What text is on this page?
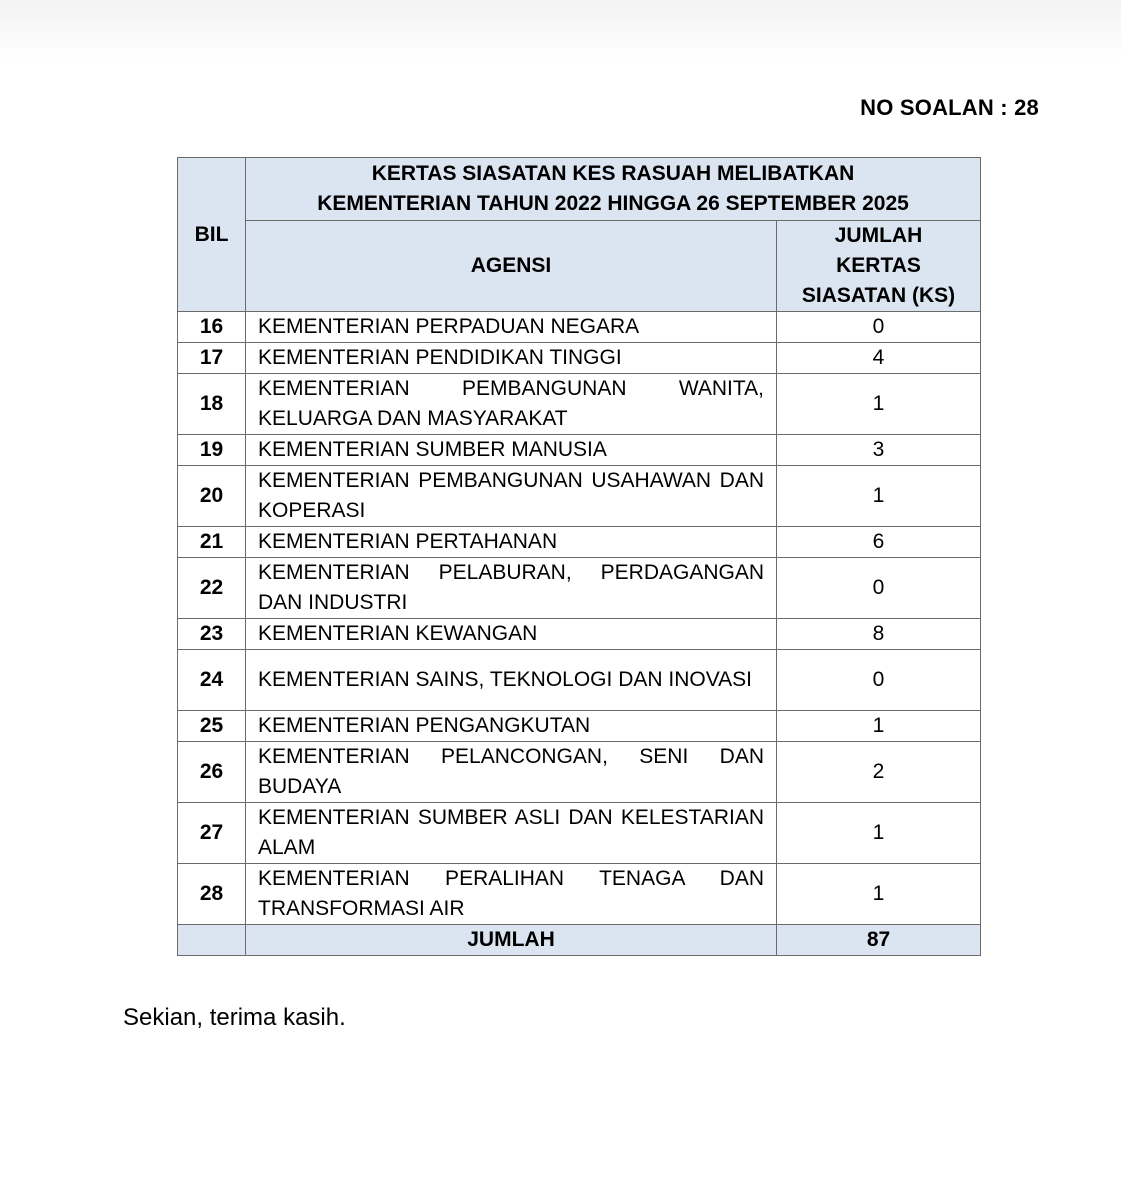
NO SOALAN : 28
BIL	KERTAS SIASATAN KES RASUAH MELIBATKAN
KEMENTERIAN TAHUN 2022 HINGGA 26 SEPTEMBER 2025	

	AGENSI	JUMLAH
KERTAS
SIASATAN (KS)

16	KEMENTERIAN PERPADUAN NEGARA	0
17	KEMENTERIAN PENDIDIKAN TINGGI	4
18	KEMENTERIAN PEMBANGUNAN WANITA, KELUARGA DAN MASYARAKAT	1
19	KEMENTERIAN SUMBER MANUSIA	3
20	KEMENTERIAN PEMBANGUNAN USAHAWAN DAN KOPERASI	1
21	KEMENTERIAN PERTAHANAN	6
22	KEMENTERIAN PELABURAN, PERDAGANGAN DAN INDUSTRI	0
23	KEMENTERIAN KEWANGAN	8
24	KEMENTERIAN SAINS, TEKNOLOGI DAN INOVASI	0
25	KEMENTERIAN PENGANGKUTAN	1
26	KEMENTERIAN PELANCONGAN, SENI DAN BUDAYA	2
27	KEMENTERIAN SUMBER ASLI DAN KELESTARIAN ALAM	1
28	KEMENTERIAN PERALIHAN TENAGA DAN TRANSFORMASI AIR	1
	JUMLAH	87
Sekian, terima kasih.
